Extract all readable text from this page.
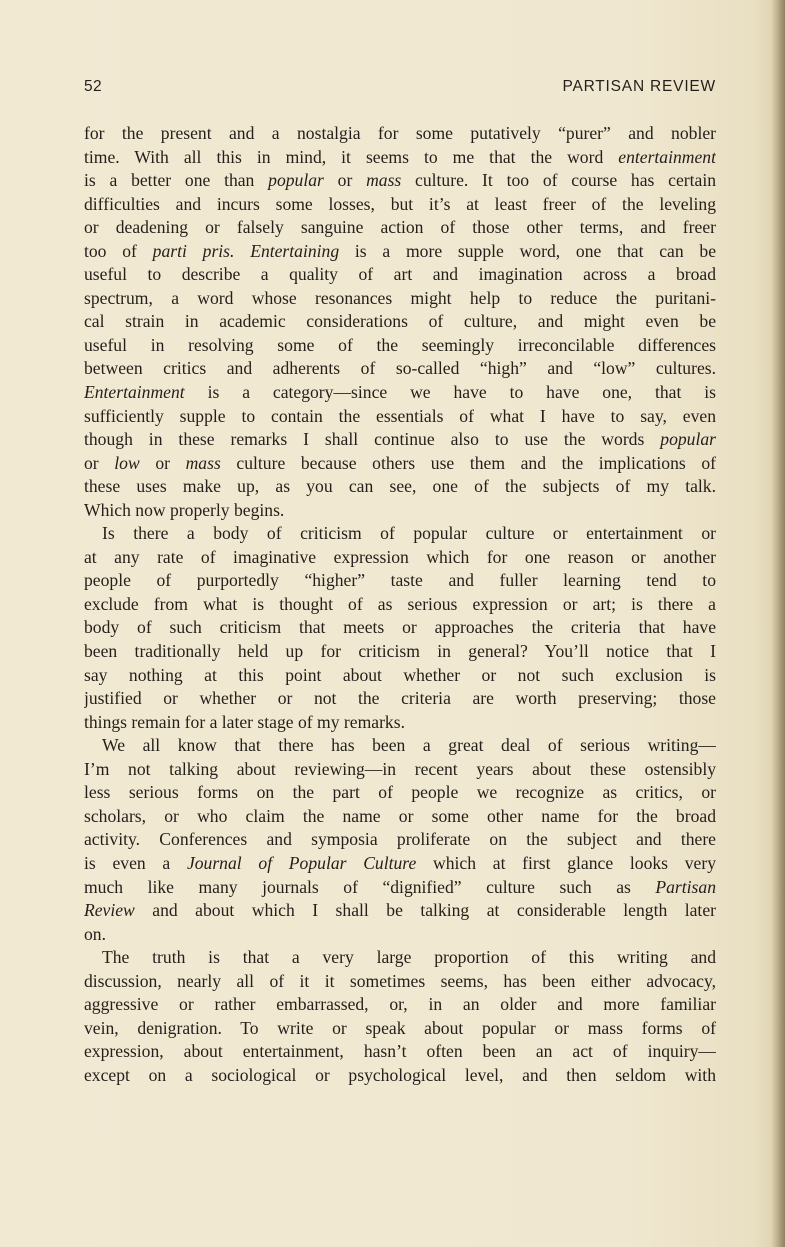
52	PARTISAN REVIEW
for the present and a nostalgia for some putatively “purer” and nobler
time. With all this in mind, it seems to me that the word entertainment
is a better one than popular or mass culture. It too of course has certain
difficulties and incurs some losses, but it’s at least freer of the leveling
or deadening or falsely sanguine action of those other terms, and freer
too of parti pris. Entertaining is a more supple word, one that can be
useful to describe a quality of art and imagination across a broad
spectrum, a word whose resonances might help to reduce the puritani-
cal strain in academic considerations of culture, and might even be
useful in resolving some of the seemingly irreconcilable differences
between critics and adherents of so-called “high” and “low” cultures.
Entertainment is a category—since we have to have one, that is
sufficiently supple to contain the essentials of what I have to say, even
though in these remarks I shall continue also to use the words popular
or low or mass culture because others use them and the implications of
these uses make up, as you can see, one of the subjects of my talk.
Which now properly begins.
Is there a body of criticism of popular culture or entertainment or
at any rate of imaginative expression which for one reason or another
people of purportedly “higher” taste and fuller learning tend to
exclude from what is thought of as serious expression or art; is there a
body of such criticism that meets or approaches the criteria that have
been traditionally held up for criticism in general? You’ll notice that I
say nothing at this point about whether or not such exclusion is
justified or whether or not the criteria are worth preserving; those
things remain for a later stage of my remarks.
We all know that there has been a great deal of serious writing—
I’m not talking about reviewing—in recent years about these ostensibly
less serious forms on the part of people we recognize as critics, or
scholars, or who claim the name or some other name for the broad
activity. Conferences and symposia proliferate on the subject and there
is even a Journal of Popular Culture which at first glance looks very
much like many journals of “dignified” culture such as Partisan
Review and about which I shall be talking at considerable length later
on.
The truth is that a very large proportion of this writing and
discussion, nearly all of it it sometimes seems, has been either advocacy,
aggressive or rather embarrassed, or, in an older and more familiar
vein, denigration. To write or speak about popular or mass forms of
expression, about entertainment, hasn’t often been an act of inquiry—
except on a sociological or psychological level, and then seldom with
